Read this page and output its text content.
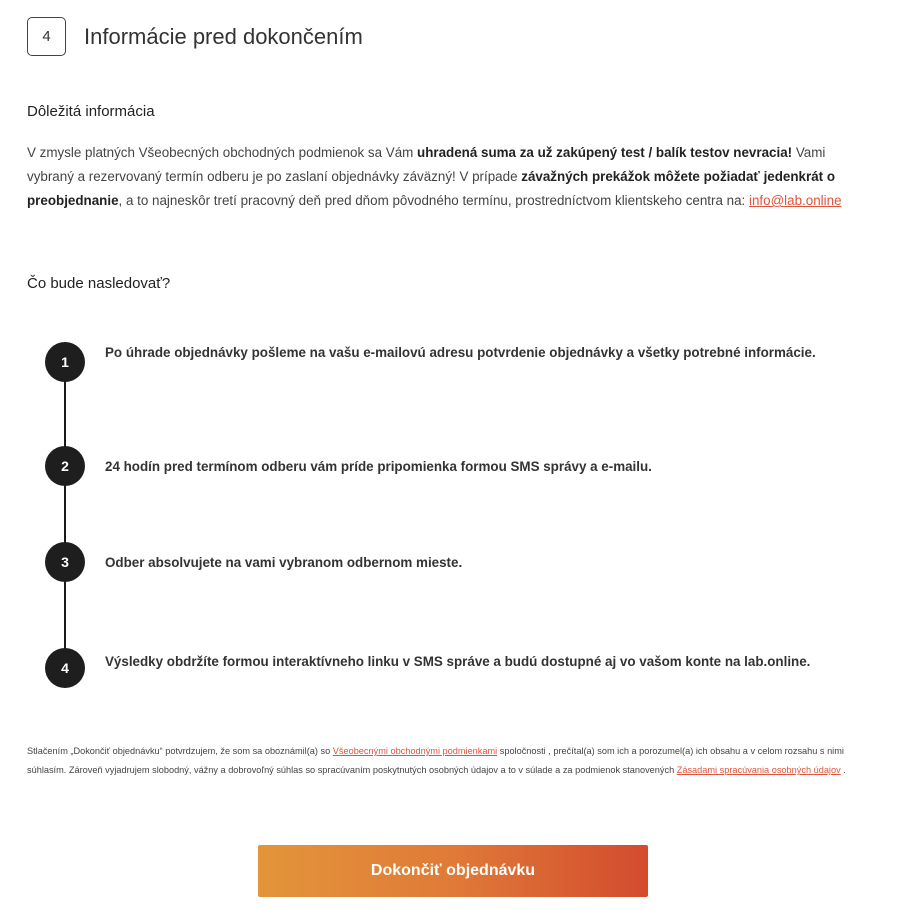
4	Informácie pred dokončením
Dôležitá informácia

V zmysle platných Všeobecných obchodných podmienok sa Vám uhradená suma za už zakúpený test / balík testov nevracia! Vami vybraný a rezervovaný termín odberu je po zaslaní objednávky záväzný! V prípade závažných prekážok môžete požiadať jedenkrát o preobjednanie, a to najneskôr tretí pracovný deň pred dňom pôvodného termínu, prostredníctvom klientskeho centra na: info@lab.online

Čo bude nasledovať?
1
Po úhrade objednávky pošleme na vašu e-mailovú adresu potvrdenie objednávky a všetky potrebné informácie.
2	24 hodín pred termínom odberu vám príde pripomienka formou SMS správy a e-mailu.
3	Odber absolvujete na vami vybranom odbernom mieste.
4	Výsledky obdržíte formou interaktívneho linku v SMS správe a budú dostupné aj vo vašom konte na lab.online.

Stlačením „Dokončiť objednávku“ potvrdzujem, že som sa oboznámil(a) so Všeobecnými obchodnými podmienkami spoločnosti , prečítal(a) som ich a porozumel(a) ich obsahu a v celom rozsahu s nimi súhlasím. Zároveň vyjadrujem slobodný, vážny a dobrovoľný súhlas so spracúvaním poskytnutých osobných údajov a to v súlade a za podmienok stanovených Zásadami spracúvania osobných údajov .

Dokončiť objednávku
